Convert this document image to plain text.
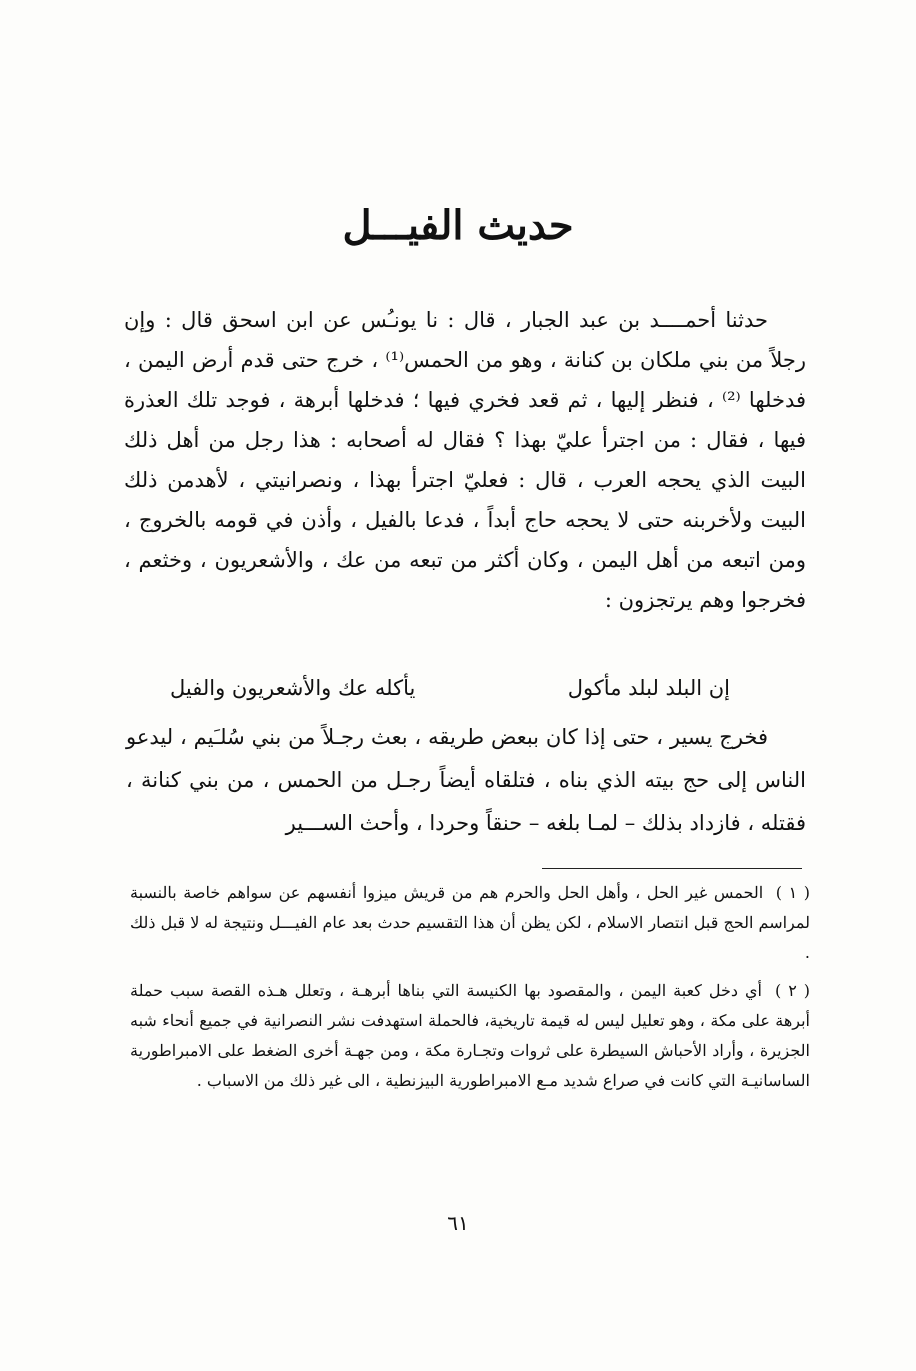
حديث الفيـــل

حدثنا أحمــــد بن عبد الجبار ، قال : نا يونـُس عن ابن اسحق قال : وإن رجلاً من بني ملكان بن كنانة ، وهو من الحمس⁽¹⁾ ، خرج حتى قدم أرض اليمن ، فدخلها ⁽²⁾ ، فنظر إليها ، ثم قعد فخري فيها ؛ فدخلها أبرهة ، فوجد تلك العذرة فيها ، فقال : من اجترأ عليّ بهذا ؟ فقال له أصحابه : هذا رجل من أهل ذلك البيت الذي يحجه العرب ، قال : فعليّ اجترأ بهذا ، ونصرانيتي ، لأهدمن ذلك البيت ولأخربنه حتى لا يحجه حاج أبداً ، فدعا بالفيل ، وأذن في قومه بالخروج ، ومن اتبعه من أهل اليمن ، وكان أكثر من تبعه من عك ، والأشعريون ، وخثعم ، فخرجوا وهم يرتجزون :

إن البلد لبلد مأكول
يأكله عك والأشعريون والفيل

فخرج يسير ، حتى إذا كان ببعض طريقه ، بعث رجـلاً من بني سُلـَيم ، ليدعو الناس إلى حج بيته الذي بناه ، فتلقاه أيضاً رجـل من الحمس ، من بني كنانة ، فقتله ، فازداد بذلك – لمـا بلغه – حنقاً وحردا ، وأحث الســـير

( ١ ) الحمس غير الحل ، وأهل الحل والحرم هم من قريش ميزوا أنفسهم عن سواهم خاصة بالنسبة لمراسم الحج قبل انتصار الاسلام ، لكن يظن أن هذا التقسيم حدث بعد عام الفيـــل ونتيجة له لا قبل ذلك .

( ٢ ) أي دخل كعبة اليمن ، والمقصود بها الكنيسة التي بناها أبرهـة ، وتعلل هـذه القصة سبب حملة أبرهة على مكة ، وهو تعليل ليس له قيمة تاريخية، فالحملة استهدفت نشر النصرانية في جميع أنحاء شبه الجزيرة ، وأراد الأحباش السيطرة على ثروات وتجـارة مكة ، ومن جهـة أخرى الضغط على الامبراطورية الساسانيـة التي كانت في صراع شديد مـع الامبراطورية البيزنطية ، الى غير ذلك من الاسباب .

٦١
